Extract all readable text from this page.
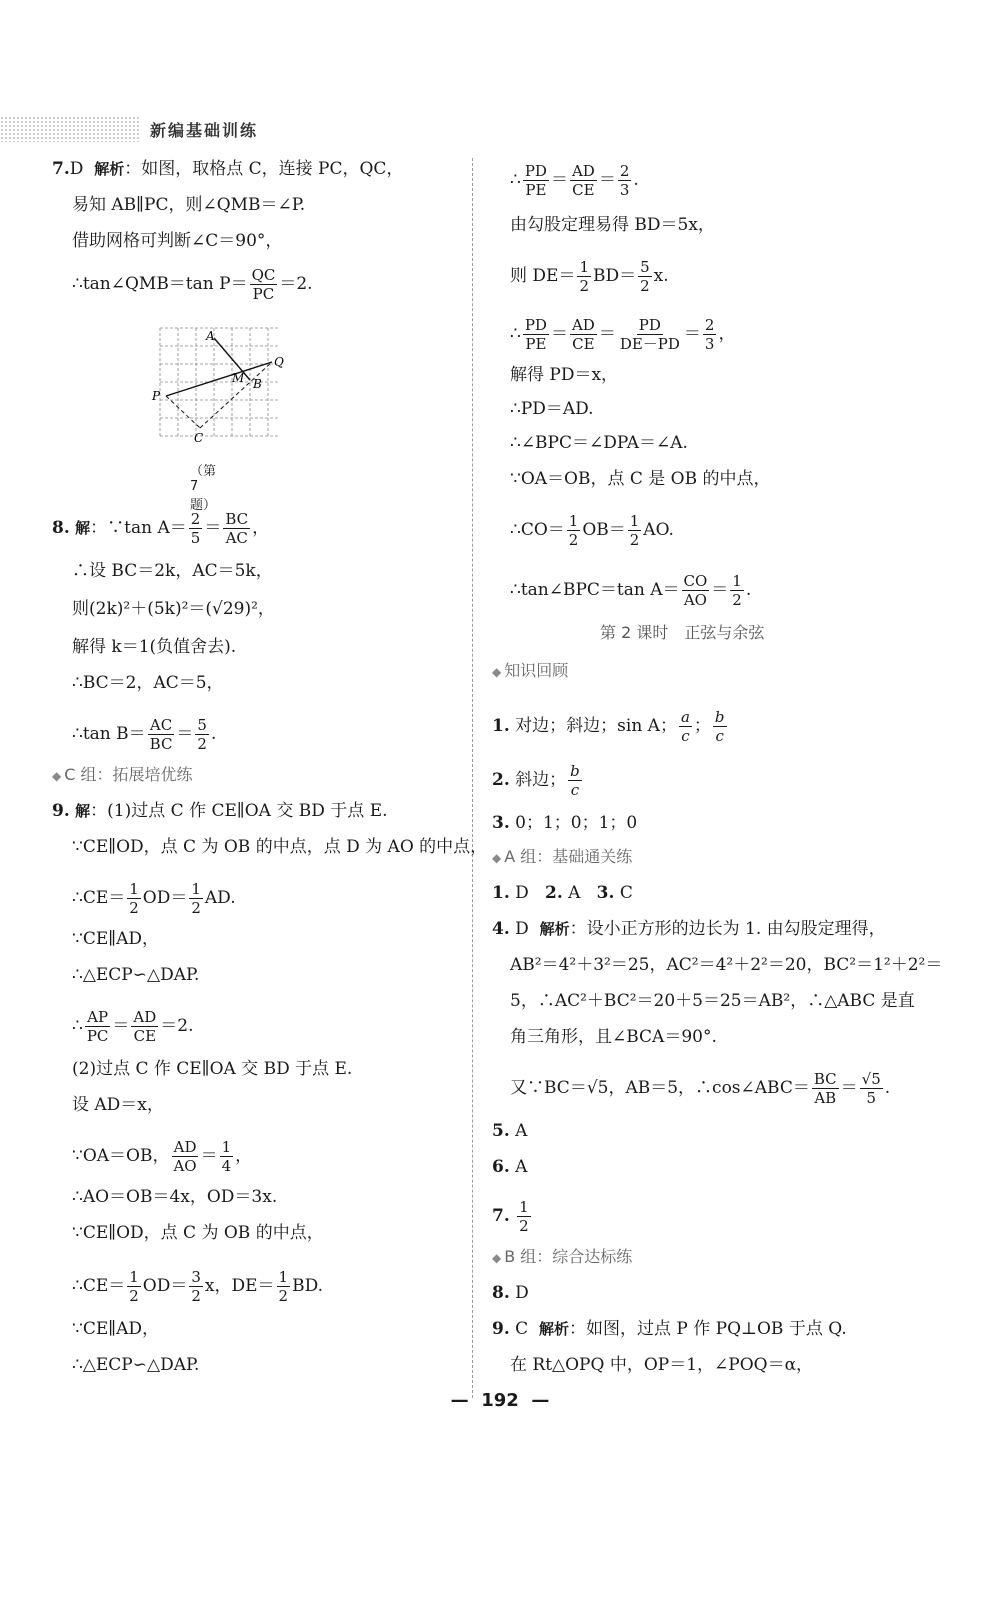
新编基础训练
7.D 解析：如图，取格点 C，连接 PC，QC，
易知 AB∥PC，则∠QMB＝∠P.
借助网格可判断∠C＝90°，
∴tan∠QMB＝tan $P= \frac{QC}{PC} =2$.
A
Q
M B
P
C
（第 7 题）
8. 解：∵tan $A= \frac{2}{5} = \frac{BC}{AC}$ ，
∴设 BC＝2k，AC＝5k，
则(2k)²＋(5k)²＝(√29)²，
解得 k＝1(负值舍去).
∴BC＝2，AC＝5，
∴tan $B= \frac{AC}{BC} = \frac{5}{2}$ .
◆ C 组：拓展培优练
9. 解：(1)过点 C 作 CE∥OA 交 BD 于点 E.
∵CE∥OD，点 C 为 OB 的中点，点 D 为 AO 的中点，
∴CE＝ $\frac{1}{2} OD= \frac{1}{2}$ AD.
∵CE∥AD，
∴△ECP∽△DAP.
∴ $\frac{AP}{PC} = \frac{AD}{CE} =2$.
(2)过点 C 作 CE∥OA 交 BD 于点 E.
设 AD＝x，
∵OA＝OB， $\frac{AD}{AO} = \frac{1}{4}$ ，
∴AO＝OB＝4x，OD＝3x.
∵CE∥OD，点 C 为 OB 的中点，
∴CE＝ $\frac{1}{2} OD= \frac{3}{2}$ x，$DE= \frac{1}{2}$ BD.
∵CE∥AD，
∴△ECP∽△DAP.
∴ $\frac{PD}{PE} = \frac{AD}{CE} = \frac{2}{3}$ .
由勾股定理易得 BD＝5x，
则 $DE= \frac{1}{2} BD= \frac{5}{2} x$.
∴ $\frac{PD}{PE} = \frac{AD}{CE} = \frac{PD}{DE-PD} = \frac{2}{3}$ ，
解得 PD＝x，
∴PD＝AD.
∴∠BPC＝∠DPA＝∠A.
∵OA＝OB，点 C 是 OB 的中点，
∴CO＝ $\frac{1}{2} OB= \frac{1}{2}$ AO.
∴tan∠BPC＝tan $A= \frac{CO}{AO} = \frac{1}{2}$ .
第 2 课时　正弦与余弦
◆ 知识回顾
1. 对边；斜边；sin A； $\frac{a}{c}$ ； $\frac{b}{c}$
2. 斜边； $\frac{b}{c}$
3. 0；1；0；1；0
◆ A 组：基础通关练
1. D 2. A 3. C
4. D  解析：设小正方形的边长为 1. 由勾股定理得，
AB²＝4²＋3²＝25，AC²＝4²＋2²＝20，BC²＝1²＋2²＝
5，∴AC²＋BC²＝20＋5＝25＝AB²，∴△ABC 是直
角三角形，且∠BCA＝90°.
又∵BC＝√5，AB＝5，∴cos∠ABC＝ $\frac{BC}{AB} = \frac{√5}{5}$ .
5. A
6. A
7. $\frac{1}{2}$
◆ B 组：综合达标练
8. D
9. C  解析：如图，过点 P 作 PQ⊥OB 于点 Q.
在 Rt△OPQ 中，OP＝1，∠POQ＝α，
—  192  —
